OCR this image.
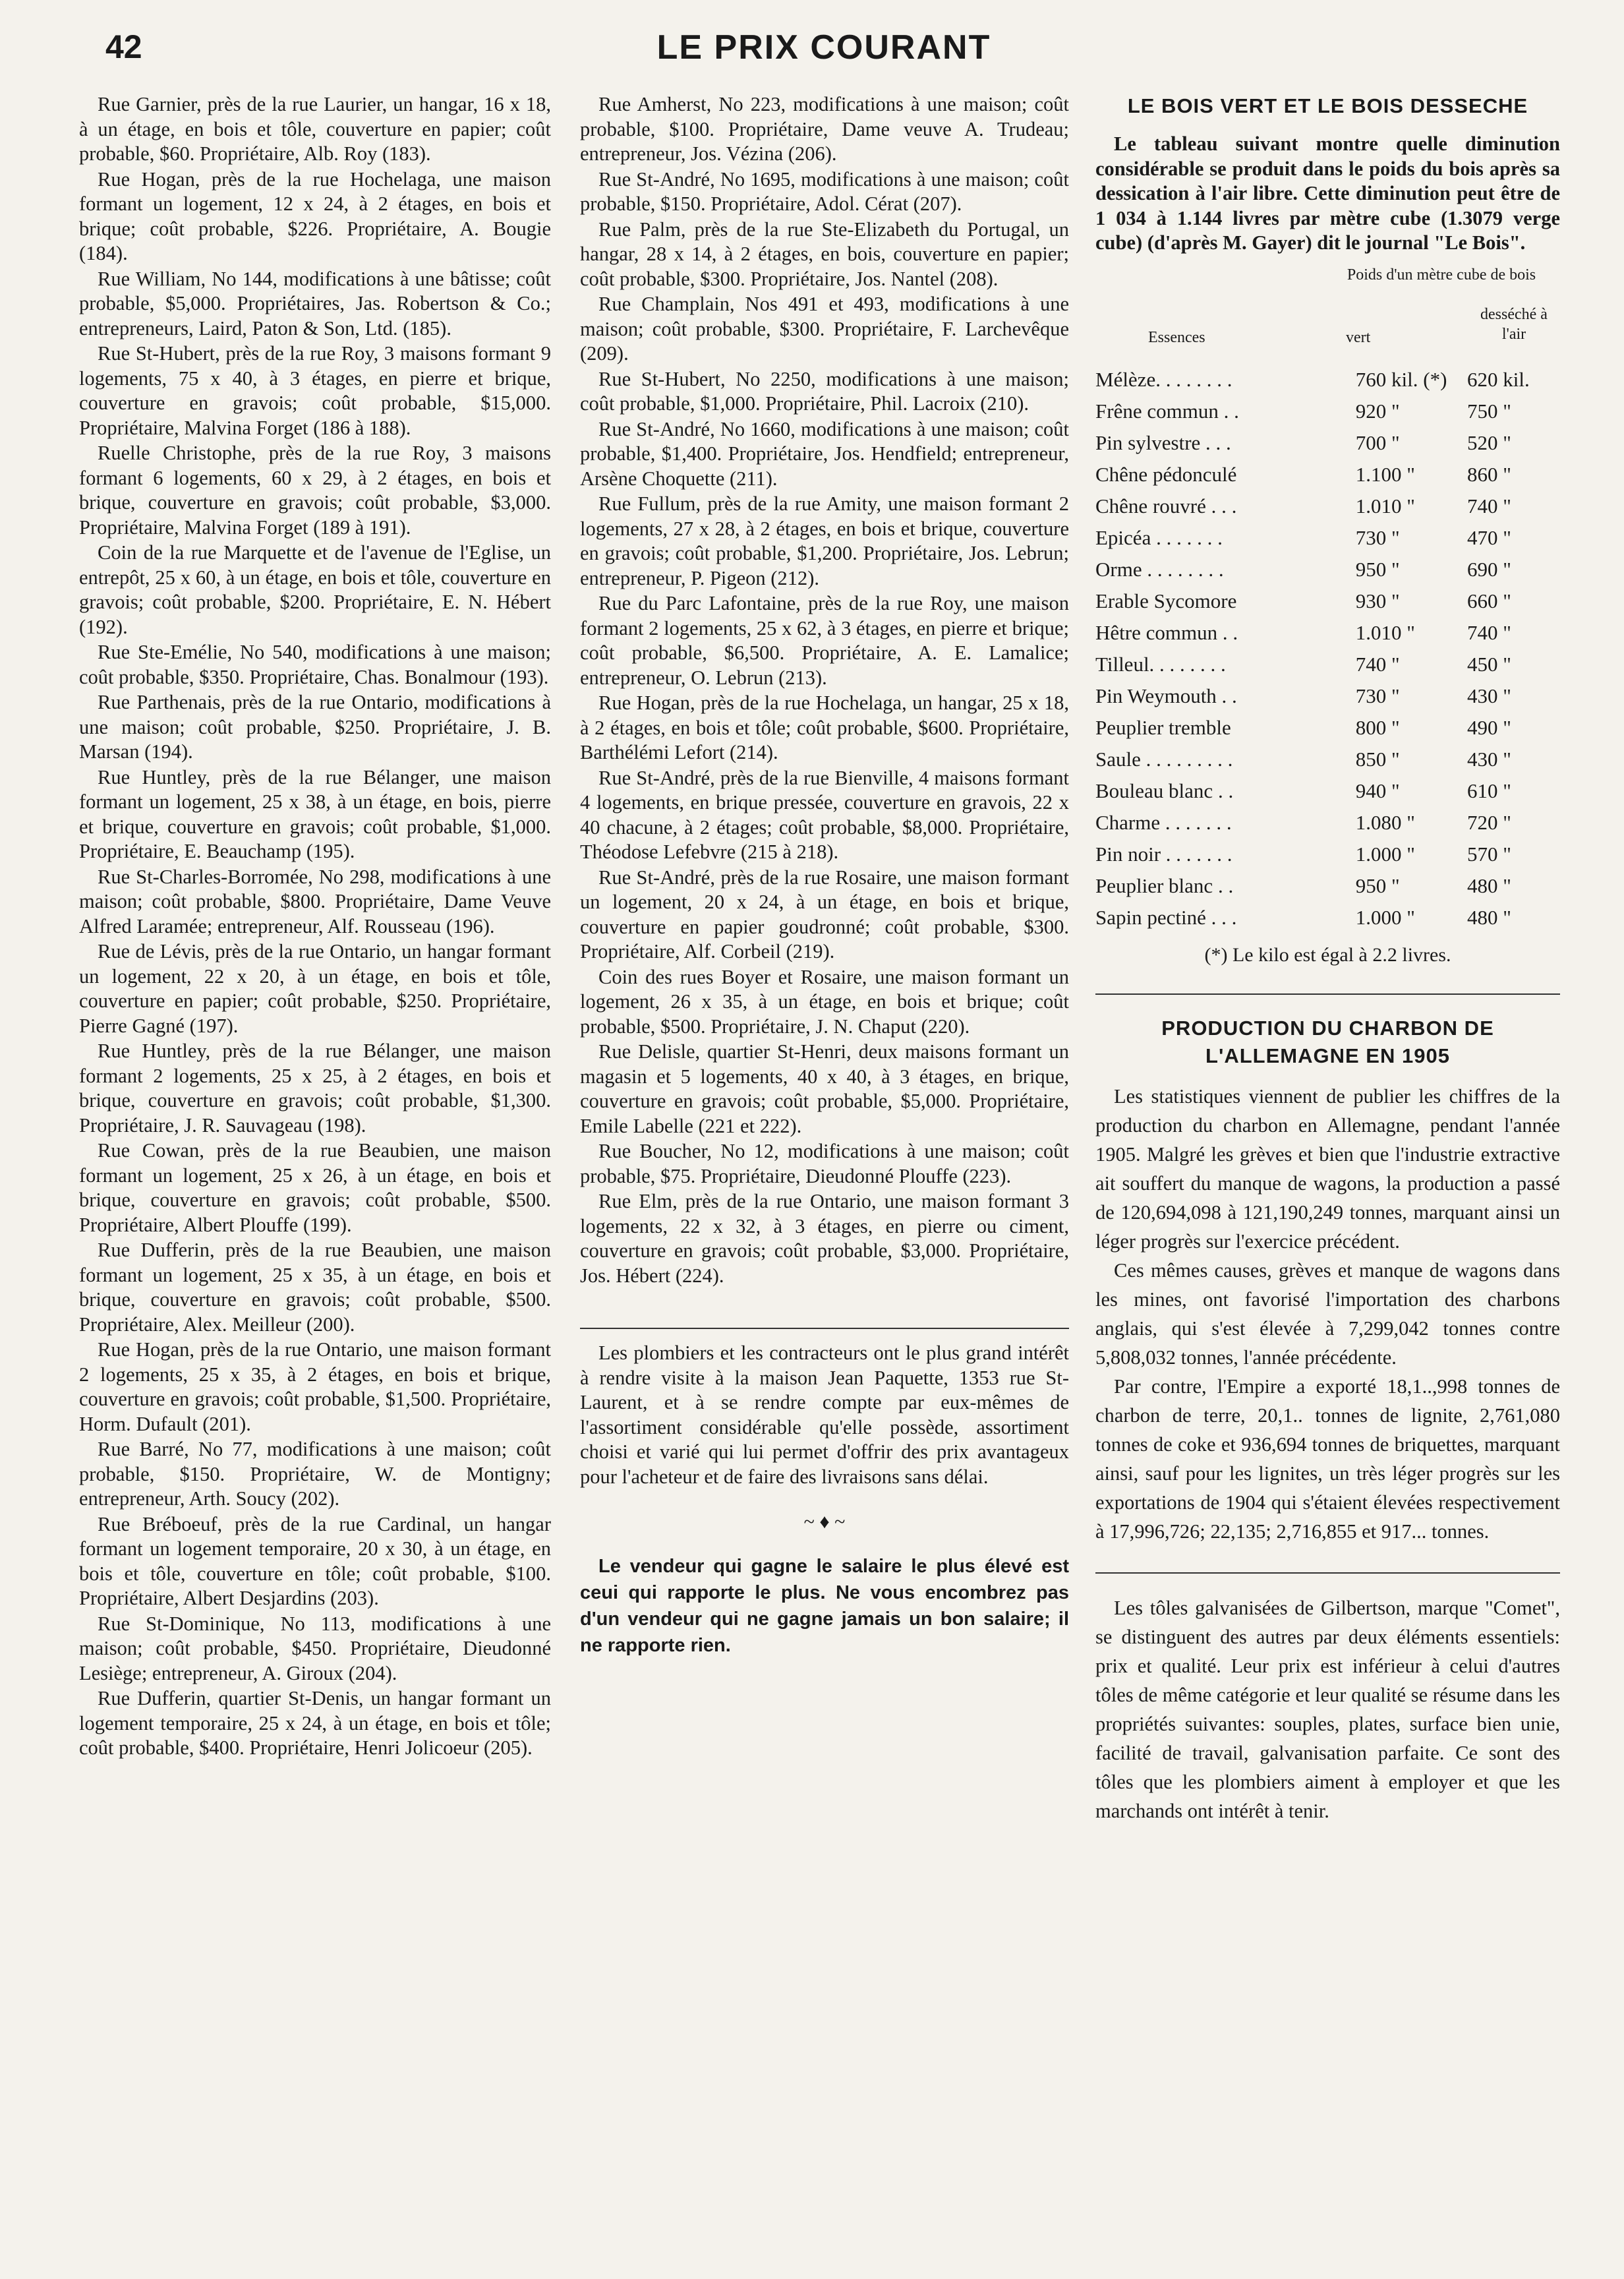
42	LE PRIX COURANT

Rue Garnier, près de la rue Laurier, un hangar, 16 x 18, à un étage, en bois et tôle, couverture en papier; coût probable, $60. Propriétaire, Alb. Roy (183).

Rue Hogan, près de la rue Hochelaga, une maison formant un logement, 12 x 24, à 2 étages, en bois et brique; coût probable, $226. Propriétaire, A. Bougie (184).

Rue William, No 144, modifications à une bâtisse; coût probable, $5,000. Propriétaires, Jas. Robertson & Co.; entrepreneurs, Laird, Paton & Son, Ltd. (185).

Rue St-Hubert, près de la rue Roy, 3 maisons formant 9 logements, 75 x 40, à 3 étages, en pierre et brique, couverture en gravois; coût probable, $15,000. Propriétaire, Malvina Forget (186 à 188).

Ruelle Christophe, près de la rue Roy, 3 maisons formant 6 logements, 60 x 29, à 2 étages, en bois et brique, couverture en gravois; coût probable, $3,000. Propriétaire, Malvina Forget (189 à 191).

Coin de la rue Marquette et de l'avenue de l'Eglise, un entrepôt, 25 x 60, à un étage, en bois et tôle, couverture en gravois; coût probable, $200. Propriétaire, E. N. Hébert (192).

Rue Ste-Emélie, No 540, modifications à une maison; coût probable, $350. Propriétaire, Chas. Bonalmour (193).

Rue Parthenais, près de la rue Ontario, modifications à une maison; coût probable, $250. Propriétaire, J. B. Marsan (194).

Rue Huntley, près de la rue Bélanger, une maison formant un logement, 25 x 38, à un étage, en bois, pierre et brique, couverture en gravois; coût probable, $1,000. Propriétaire, E. Beauchamp (195).

Rue St-Charles-Borromée, No 298, modifications à une maison; coût probable, $800. Propriétaire, Dame Veuve Alfred Laramée; entrepreneur, Alf. Rousseau (196).

Rue de Lévis, près de la rue Ontario, un hangar formant un logement, 22 x 20, à un étage, en bois et tôle, couverture en papier; coût probable, $250. Propriétaire, Pierre Gagné (197).

Rue Huntley, près de la rue Bélanger, une maison formant 2 logements, 25 x 25, à 2 étages, en bois et brique, couverture en gravois; coût probable, $1,300. Propriétaire, J. R. Sauvageau (198).

Rue Cowan, près de la rue Beaubien, une maison formant un logement, 25 x 26, à un étage, en bois et brique, couverture en gravois; coût probable, $500. Propriétaire, Albert Plouffe (199).

Rue Dufferin, près de la rue Beaubien, une maison formant un logement, 25 x 35, à un étage, en bois et brique, couverture en gravois; coût probable, $500. Propriétaire, Alex. Meilleur (200).

Rue Hogan, près de la rue Ontario, une maison formant 2 logements, 25 x 35, à 2 étages, en bois et brique, couverture en gravois; coût probable, $1,500. Propriétaire, Horm. Dufault (201).

Rue Barré, No 77, modifications à une maison; coût probable, $150. Propriétaire, W. de Montigny; entrepreneur, Arth. Soucy (202).

Rue Bréboeuf, près de la rue Cardinal, un hangar formant un logement temporaire, 20 x 30, à un étage, en bois et tôle, couverture en tôle; coût probable, $100. Propriétaire, Albert Desjardins (203).

Rue St-Dominique, No 113, modifications à une maison; coût probable, $450. Propriétaire, Dieudonné Lesiège; entrepreneur, A. Giroux (204).

Rue Dufferin, quartier St-Denis, un hangar formant un logement temporaire, 25 x 24, à un étage, en bois et tôle; coût probable, $400. Propriétaire, Henri Jolicoeur (205).

Rue Amherst, No 223, modifications à une maison; coût probable, $100. Propriétaire, Dame veuve A. Trudeau; entrepreneur, Jos. Vézina (206).

Rue St-André, No 1695, modifications à une maison; coût probable, $150. Propriétaire, Adol. Cérat (207).

Rue Palm, près de la rue Ste-Elizabeth du Portugal, un hangar, 28 x 14, à 2 étages, en bois, couverture en papier; coût probable, $300. Propriétaire, Jos. Nantel (208).

Rue Champlain, Nos 491 et 493, modifications à une maison; coût probable, $300. Propriétaire, F. Larchevêque (209).

Rue St-Hubert, No 2250, modifications à une maison; coût probable, $1,000. Propriétaire, Phil. Lacroix (210).

Rue St-André, No 1660, modifications à une maison; coût probable, $1,400. Propriétaire, Jos. Hendfield; entrepreneur, Arsène Choquette (211).

Rue Fullum, près de la rue Amity, une maison formant 2 logements, 27 x 28, à 2 étages, en bois et brique, couverture en gravois; coût probable, $1,200. Propriétaire, Jos. Lebrun; entrepreneur, P. Pigeon (212).

Rue du Parc Lafontaine, près de la rue Roy, une maison formant 2 logements, 25 x 62, à 3 étages, en pierre et brique; coût probable, $6,500. Propriétaire, A. E. Lamalice; entrepreneur, O. Lebrun (213).

Rue Hogan, près de la rue Hochelaga, un hangar, 25 x 18, à 2 étages, en bois et tôle; coût probable, $600. Propriétaire, Barthélémi Lefort (214).

Rue St-André, près de la rue Bienville, 4 maisons formant 4 logements, en brique pressée, couverture en gravois, 22 x 40 chacune, à 2 étages; coût probable, $8,000. Propriétaire, Théodose Lefebvre (215 à 218).

Rue St-André, près de la rue Rosaire, une maison formant un logement, 20 x 24, à un étage, en bois et brique, couverture en papier goudronné; coût probable, $300. Propriétaire, Alf. Corbeil (219).

Coin des rues Boyer et Rosaire, une maison formant un logement, 26 x 35, à un étage, en bois et brique; coût probable, $500. Propriétaire, J. N. Chaput (220).

Rue Delisle, quartier St-Henri, deux maisons formant un magasin et 5 logements, 40 x 40, à 3 étages, en brique, couverture en gravois; coût probable, $5,000. Propriétaire, Emile Labelle (221 et 222).

Rue Boucher, No 12, modifications à une maison; coût probable, $75. Propriétaire, Dieudonné Plouffe (223).

Rue Elm, près de la rue Ontario, une maison formant 3 logements, 22 x 32, à 3 étages, en pierre ou ciment, couverture en gravois; coût probable, $3,000. Propriétaire, Jos. Hébert (224).

Les plombiers et les contracteurs ont le plus grand intérêt à rendre visite à la maison Jean Paquette, 1353 rue St-Laurent, et à se rendre compte par eux-mêmes de l'assortiment considérable qu'elle possède, assortiment choisi et varié qui lui permet d'offrir des prix avantageux pour l'acheteur et de faire des livraisons sans délai.

~ ♦ ~

Le vendeur qui gagne le salaire le plus élevé est ceui qui rapporte le plus. Ne vous encombrez pas d'un vendeur qui ne gagne jamais un bon salaire; il ne rapporte rien.

LE BOIS VERT ET LE BOIS DESSECHE

Le tableau suivant montre quelle diminution considérable se produit dans le poids du bois après sa dessication à l'air libre. Cette diminution peut être de 1 034 à 1.144 livres par mètre cube (1.3079 verge cube) (d'après M. Gayer) dit le journal "Le Bois".

Poids d'un mètre cube de bois
desséché à l'air
Essences	vert
Mélèze. . . . . . . .	760 kil. (*)	620 kil.
Frêne commun . .	920 "	750 "
Pin sylvestre . . .	700 "	520 "
Chêne pédonculé	1.100 "	860 "
Chêne rouvré . . .	1.010 "	740 "
Epicéa . . . . . . .	730 "	470 "
Orme . . . . . . . .	950 "	690 "
Erable Sycomore	930 "	660 "
Hêtre commun . .	1.010 "	740 "
Tilleul. . . . . . . .	740 "	450 "
Pin Weymouth . .	730 "	430 "
Peuplier tremble	800 "	490 "
Saule . . . . . . . . .	850 "	430 "
Bouleau blanc . .	940 "	610 "
Charme . . . . . . .	1.080 "	720 "
Pin noir . . . . . . .	1.000 "	570 "
Peuplier blanc . .	950 "	480 "
Sapin pectiné . . .	1.000 "	480 "

(*) Le kilo est égal à 2.2 livres.

PRODUCTION DU CHARBON DE L'ALLEMAGNE EN 1905

Les statistiques viennent de publier les chiffres de la production du charbon en Allemagne, pendant l'année 1905. Malgré les grèves et bien que l'industrie extractive ait souffert du manque de wagons, la production a passé de 120,694,098 à 121,190,249 tonnes, marquant ainsi un léger progrès sur l'exercice précédent.

Ces mêmes causes, grèves et manque de wagons dans les mines, ont favorisé l'importation des charbons anglais, qui s'est élevée à 7,299,042 tonnes contre 5,808,032 tonnes, l'année précédente.

Par contre, l'Empire a exporté 18,1..,998 tonnes de charbon de terre, 20,1.. tonnes de lignite, 2,761,080 tonnes de coke et 936,694 tonnes de briquettes, marquant ainsi, sauf pour les lignites, un très léger progrès sur les exportations de 1904 qui s'étaient élevées respectivement à 17,996,726; 22,135; 2,716,855 et 917... tonnes.

Les tôles galvanisées de Gilbertson, marque "Comet", se distinguent des autres par deux éléments essentiels: prix et qualité. Leur prix est inférieur à celui d'autres tôles de même catégorie et leur qualité se résume dans les propriétés suivantes: souples, plates, surface bien unie, facilité de travail, galvanisation parfaite. Ce sont des tôles que les plombiers aiment à employer et que les marchands ont intérêt à tenir.
